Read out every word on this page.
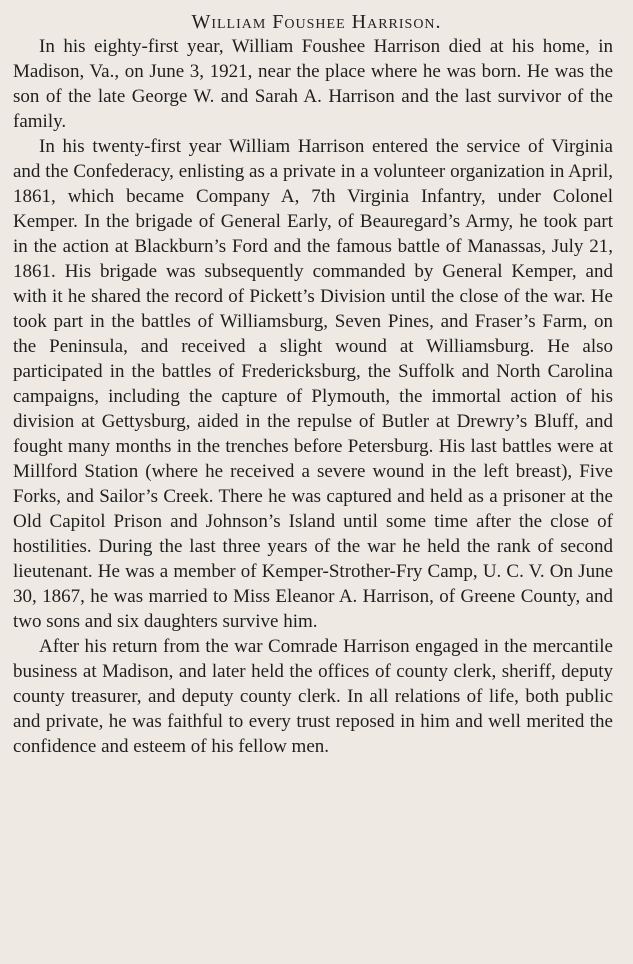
William Foushee Harrison.

In his eighty-first year, William Foushee Harrison died at his home, in Madison, Va., on June 3, 1921, near the place where he was born. He was the son of the late George W. and Sarah A. Harrison and the last survivor of the family.

In his twenty-first year William Harrison entered the service of Virginia and the Confederacy, enlisting as a private in a volunteer organization in April, 1861, which became Company A, 7th Virginia Infantry, under Colonel Kemper. In the brigade of General Early, of Beauregard’s Army, he took part in the action at Blackburn’s Ford and the famous battle of Manassas, July 21, 1861. His brigade was subsequently commanded by General Kemper, and with it he shared the record of Pickett’s Division until the close of the war. He took part in the battles of Williamsburg, Seven Pines, and Fraser’s Farm, on the Peninsula, and received a slight wound at Williamsburg. He also participated in the battles of Fredericksburg, the Suffolk and North Carolina campaigns, including the capture of Plymouth, the immortal action of his division at Gettysburg, aided in the repulse of Butler at Drewry’s Bluff, and fought many months in the trenches before Petersburg. His last battles were at Millford Station (where he received a severe wound in the left breast), Five Forks, and Sailor’s Creek. There he was captured and held as a prisoner at the Old Capitol Prison and Johnson’s Island until some time after the close of hostilities. During the last three years of the war he held the rank of second lieutenant. He was a member of Kemper-Strother-Fry Camp, U. C. V. On June 30, 1867, he was married to Miss Eleanor A. Harrison, of Greene County, and two sons and six daughters survive him.

After his return from the war Comrade Harrison engaged in the mercantile business at Madison, and later held the offices of county clerk, sheriff, deputy county treasurer, and deputy county clerk. In all relations of life, both public and private, he was faithful to every trust reposed in him and well merited the confidence and esteem of his fellow men.
